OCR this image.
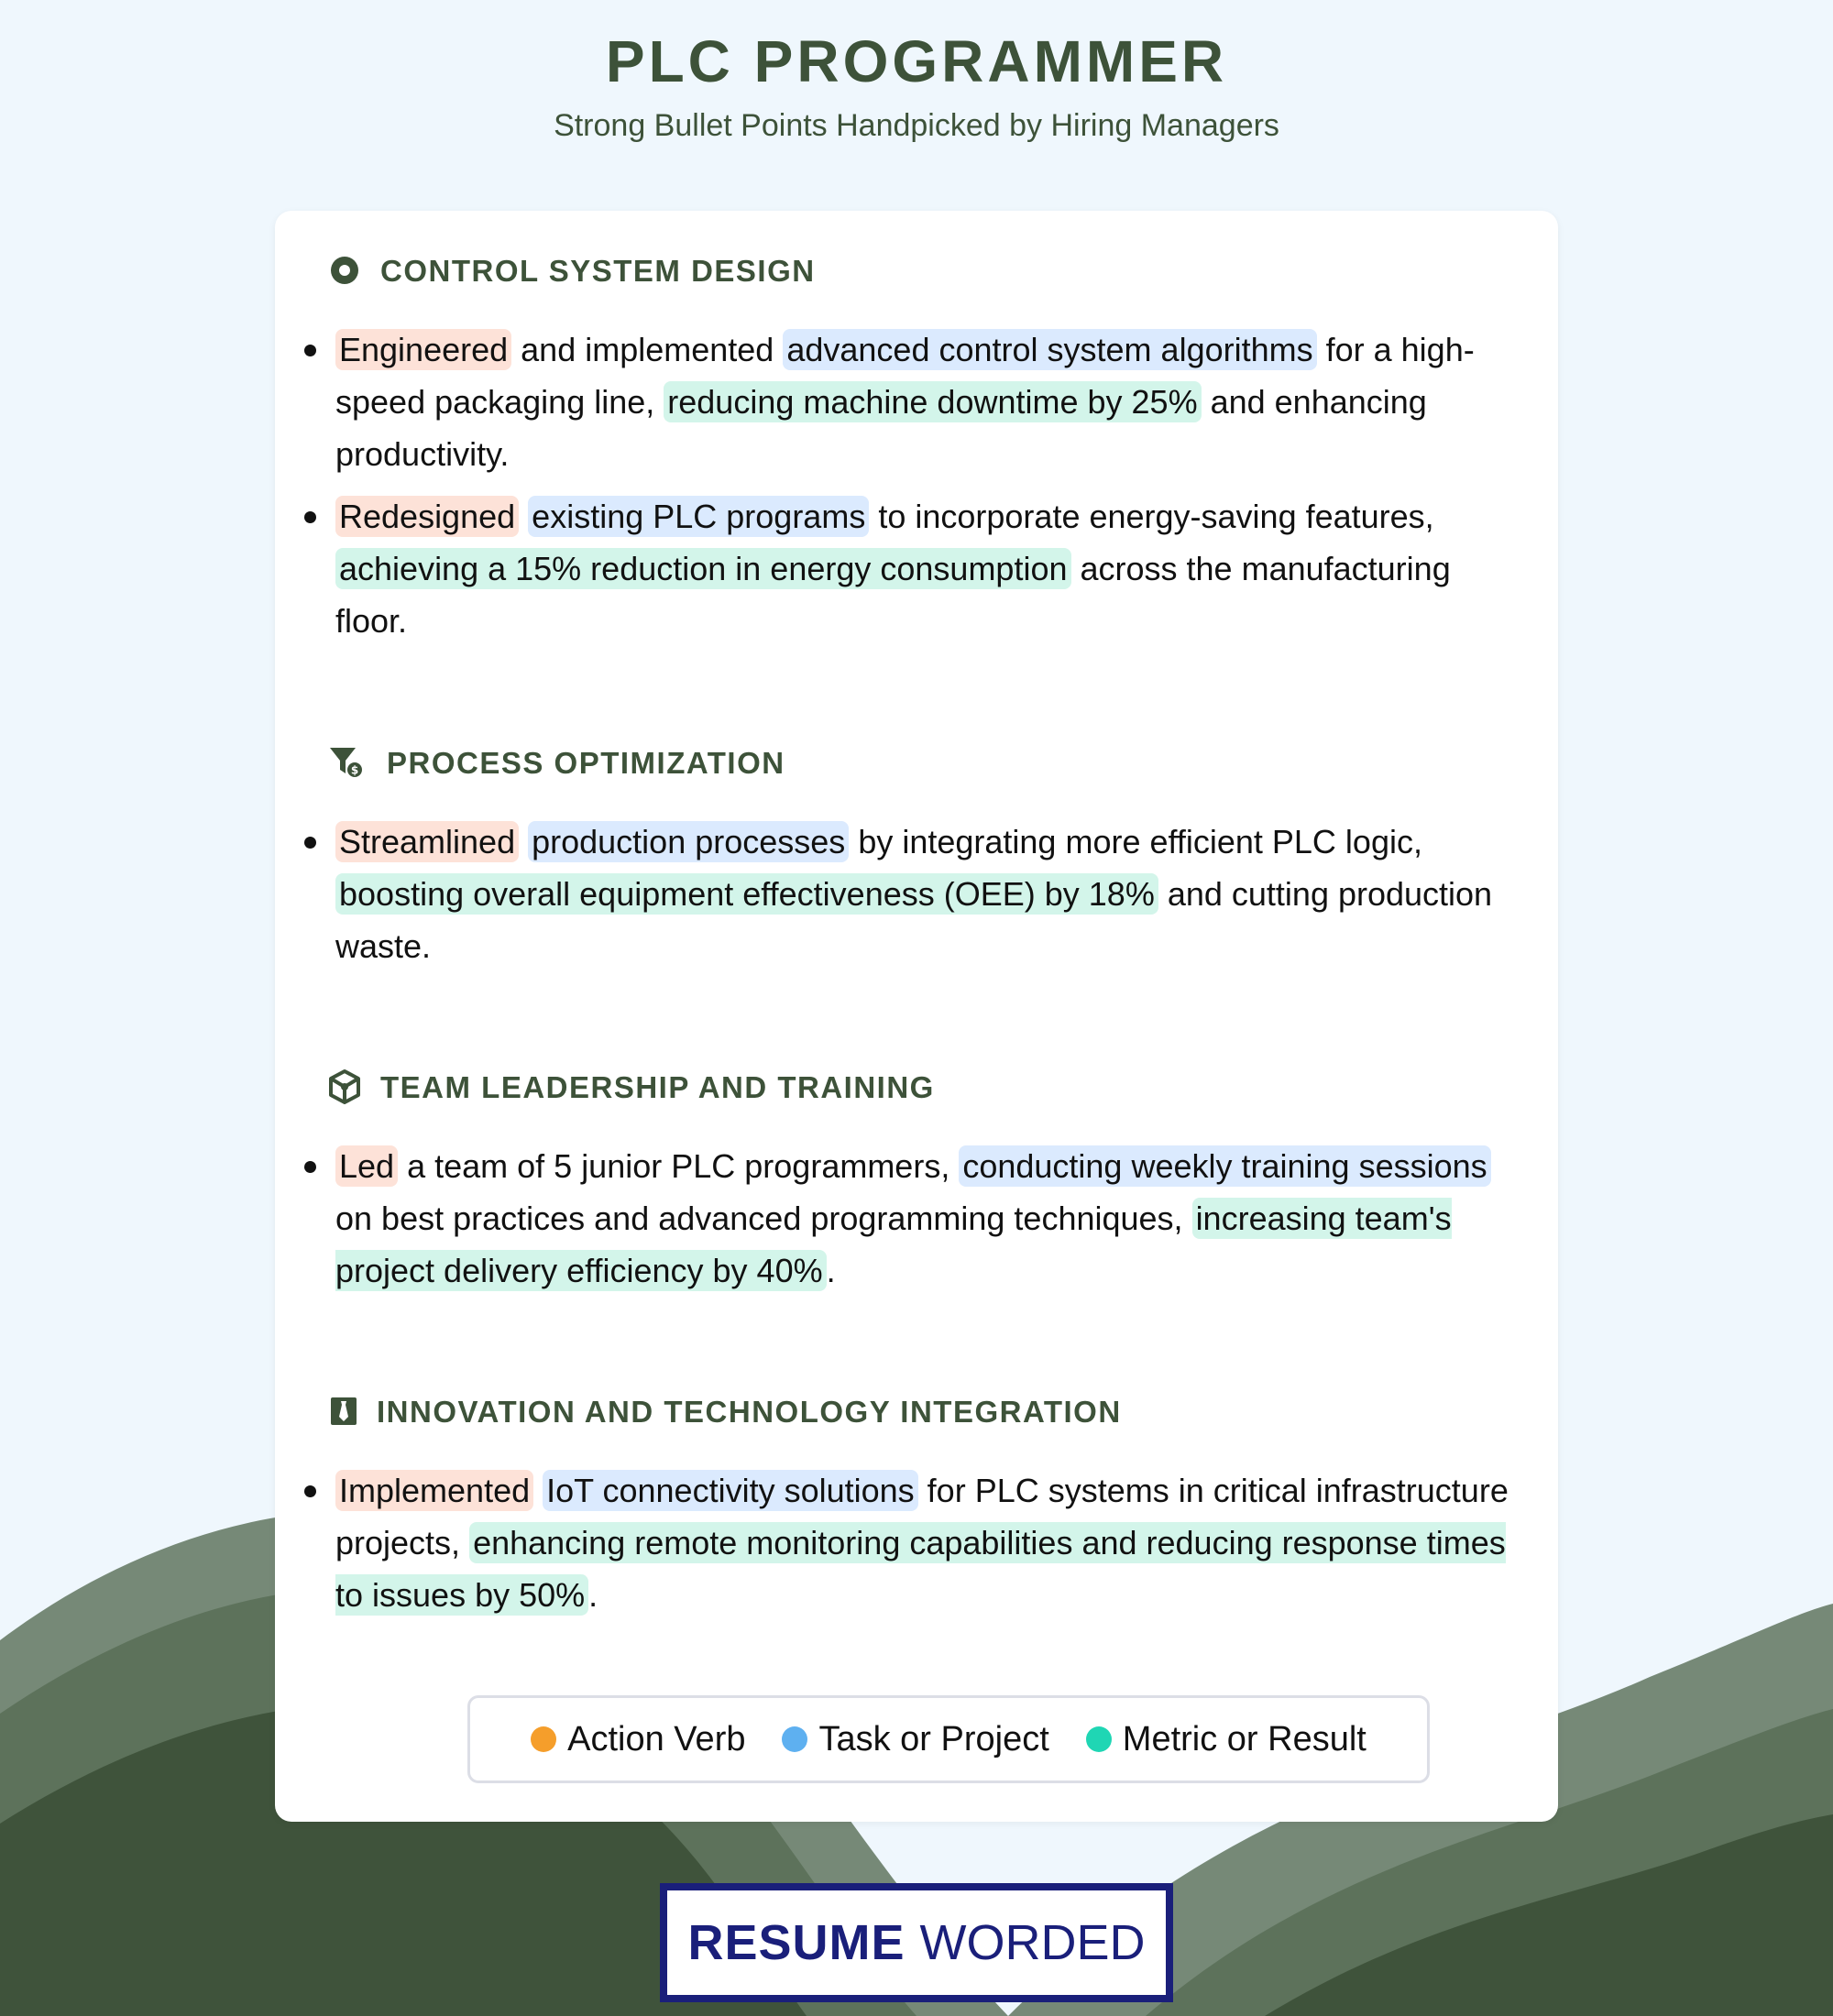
PLC PROGRAMMER
Strong Bullet Points Handpicked by Hiring Managers
CONTROL SYSTEM DESIGN
Engineered and implemented advanced control system algorithms for a high-speed packaging line, reducing machine downtime by 25% and enhancing productivity.
Redesigned existing PLC programs to incorporate energy-saving features, achieving a 15% reduction in energy consumption across the manufacturing floor.
$ PROCESS OPTIMIZATION
Streamlined production processes by integrating more efficient PLC logic, boosting overall equipment effectiveness (OEE) by 18% and cutting production waste.
TEAM LEADERSHIP AND TRAINING
Led a team of 5 junior PLC programmers, conducting weekly training sessions on best practices and advanced programming techniques, increasing team's project delivery efficiency by 40% .
INNOVATION AND TECHNOLOGY INTEGRATION
Implemented IoT connectivity solutions for PLC systems in critical infrastructure projects, enhancing remote monitoring capabilities and reducing response times to issues by 50% .
Action Verb Task or Project Metric or Result
RESUME WORDED
